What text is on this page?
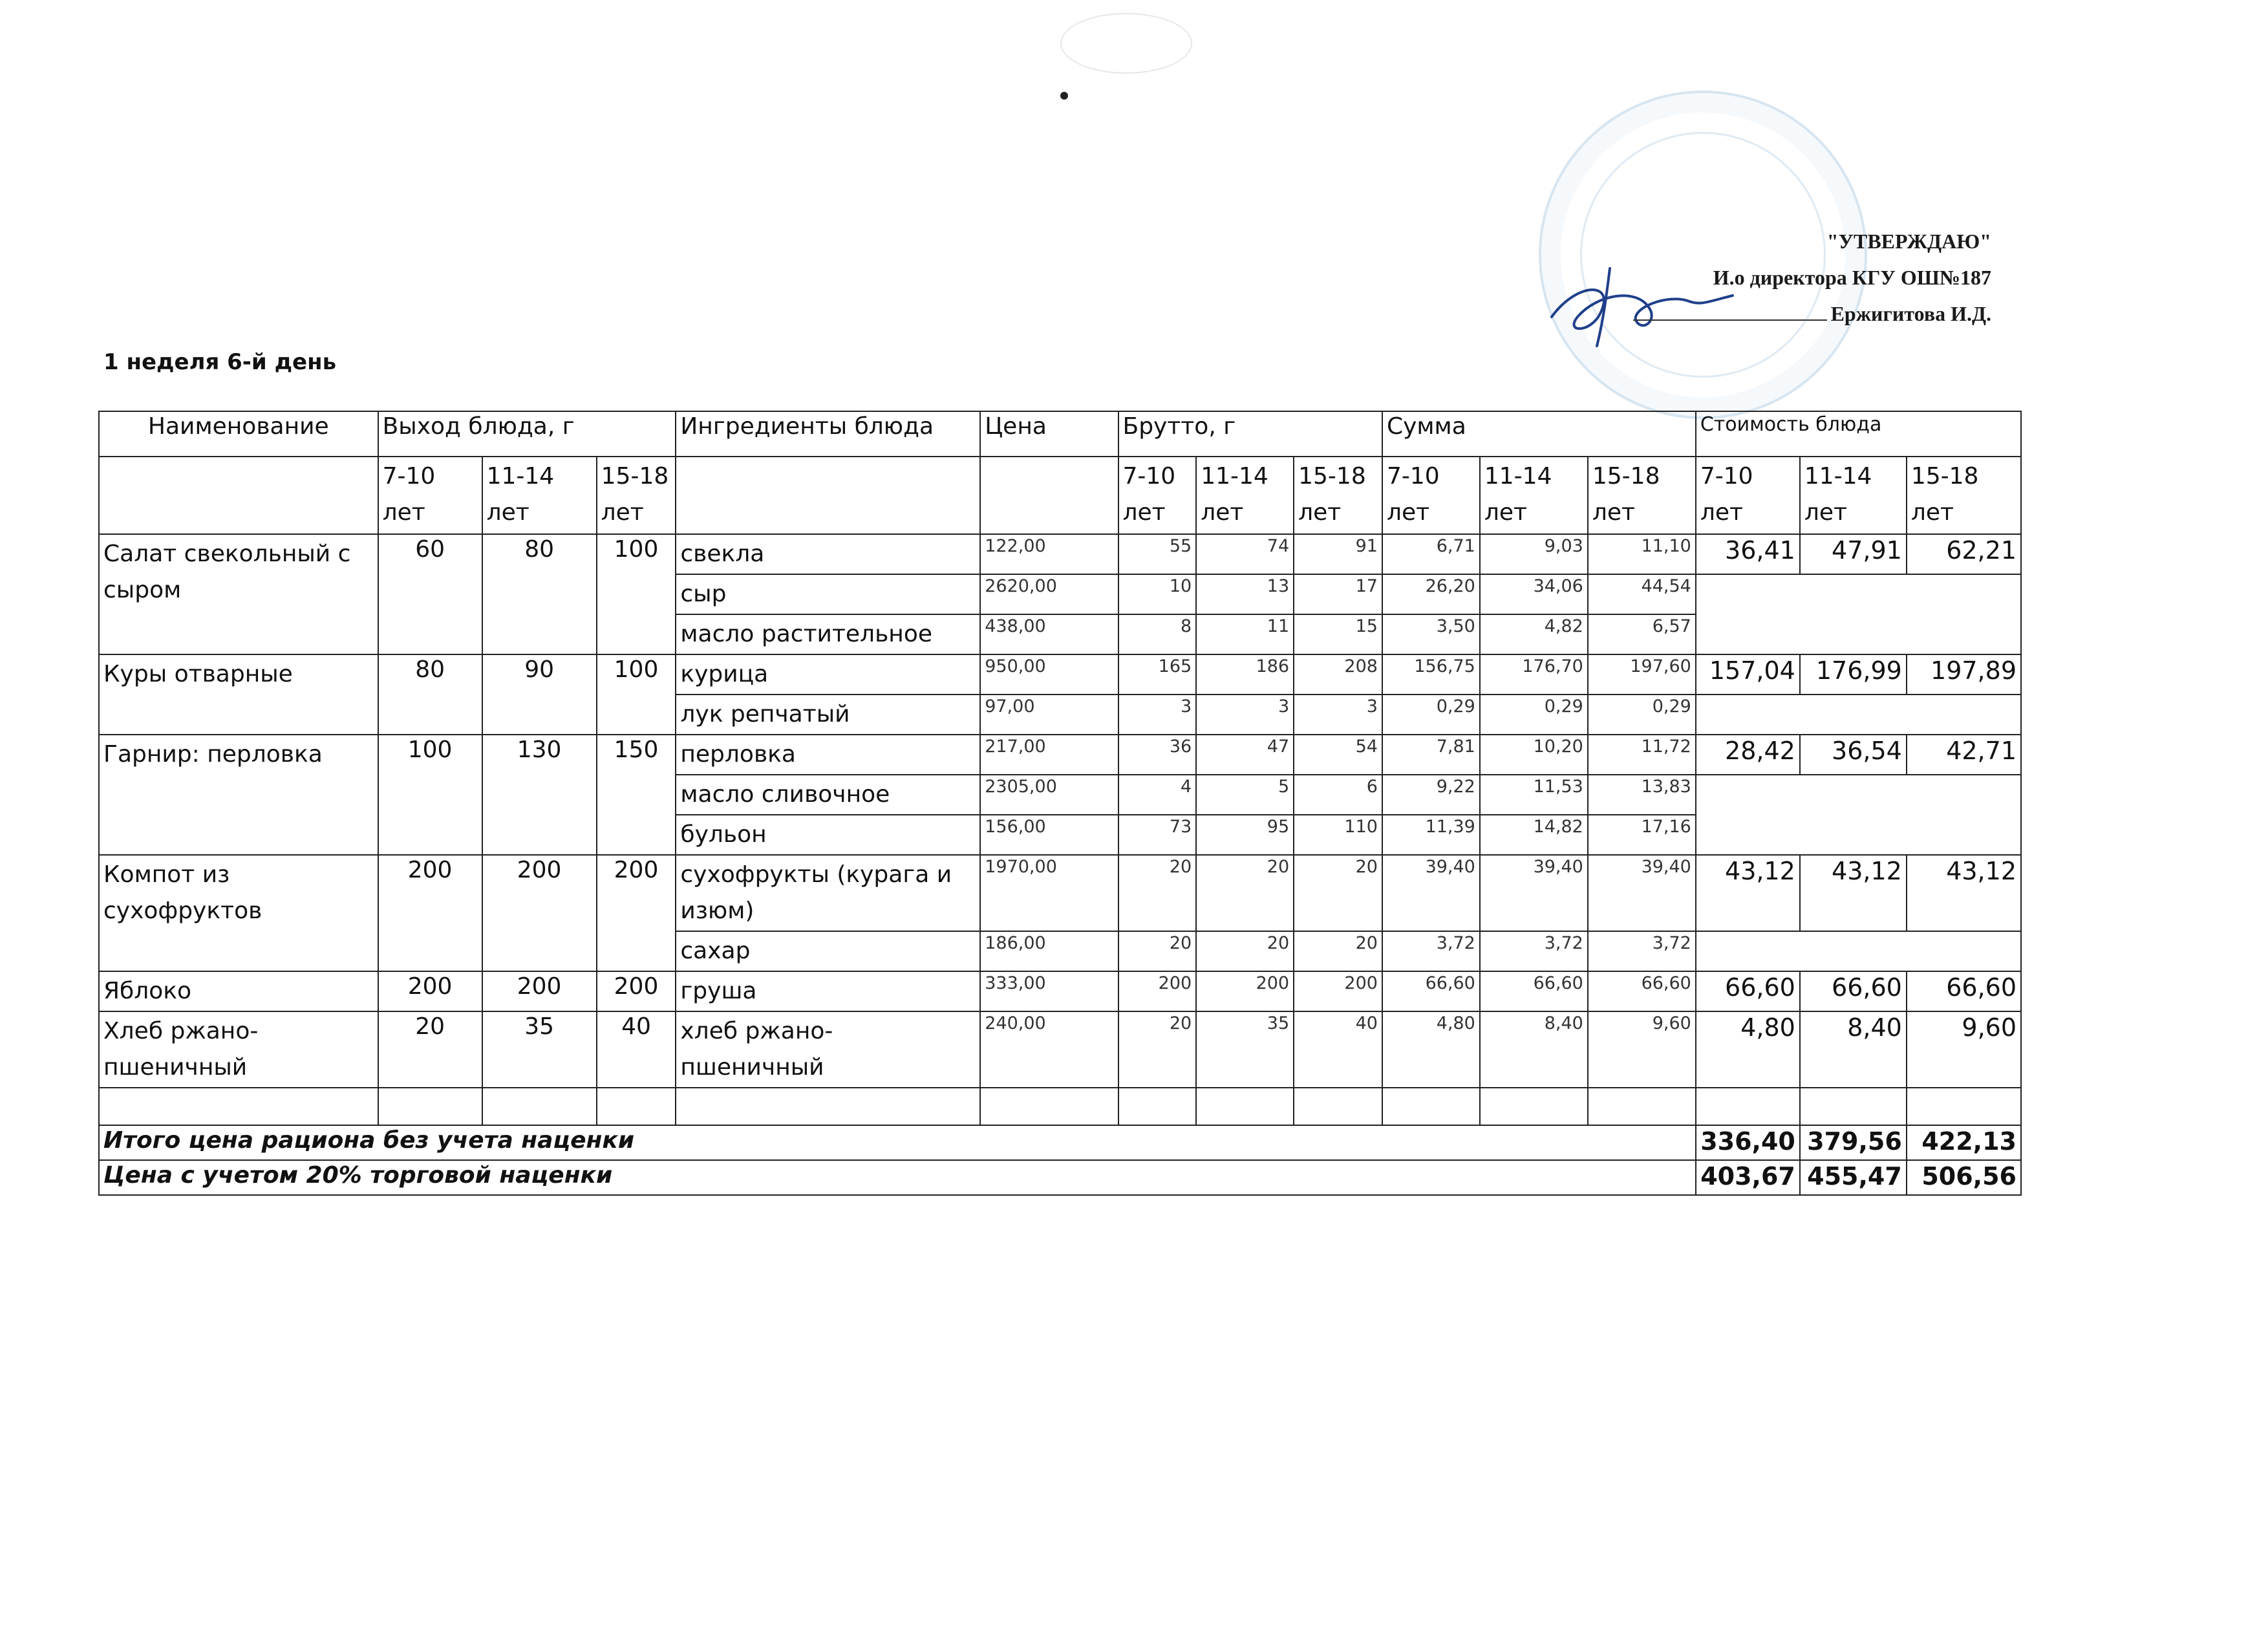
"УТВЕРЖДАЮ"
И.о директора КГУ ОШ№187
Ержигитова И.Д.
1 неделя 6-й день
Наименование	Выход блюда, г			Ингредиенты блюда	Цена	Брутто, г			Сумма			Стоимость блюда		
	7-10 лет	11-14 лет	15-18 лет			7-10 лет	11-14 лет	15-18 лет	7-10 лет	11-14 лет	15-18 лет	7-10 лет	11-14 лет	15-18 лет
Салат свекольный с сыром	60	80	100	свекла	122,00	55	74	91	6,71	9,03	11,10	36,41	47,91	62,21
				сыр	2620,00	10	13	17	26,20	34,06	44,54			
				масло растительное	438,00	8	11	15	3,50	4,82	6,57			
Куры отварные	80	90	100	курица	950,00	165	186	208	156,75	176,70	197,60	157,04	176,99	197,89
				лук репчатый	97,00	3	3	3	0,29	0,29	0,29			
Гарнир: перловка	100	130	150	перловка	217,00	36	47	54	7,81	10,20	11,72	28,42	36,54	42,71
				масло сливочное	2305,00	4	5	6	9,22	11,53	13,83			
				бульон	156,00	73	95	110	11,39	14,82	17,16			
Компот из сухофруктов	200	200	200	сухофрукты (курага и изюм)	1970,00	20	20	20	39,40	39,40	39,40	43,12	43,12	43,12
				сахар	186,00	20	20	20	3,72	3,72	3,72			
Яблоко	200	200	200	груша	333,00	200	200	200	66,60	66,60	66,60	66,60	66,60	66,60
Хлеб ржано-пшеничный	20	35	40	хлеб ржано-пшеничный	240,00	20	35	40	4,80	8,40	9,60	4,80	8,40	9,60

Итого цена рациона без учета наценки												336,40	379,56	422,13
Цена с учетом 20% торговой наценки												403,67	455,47	506,56
